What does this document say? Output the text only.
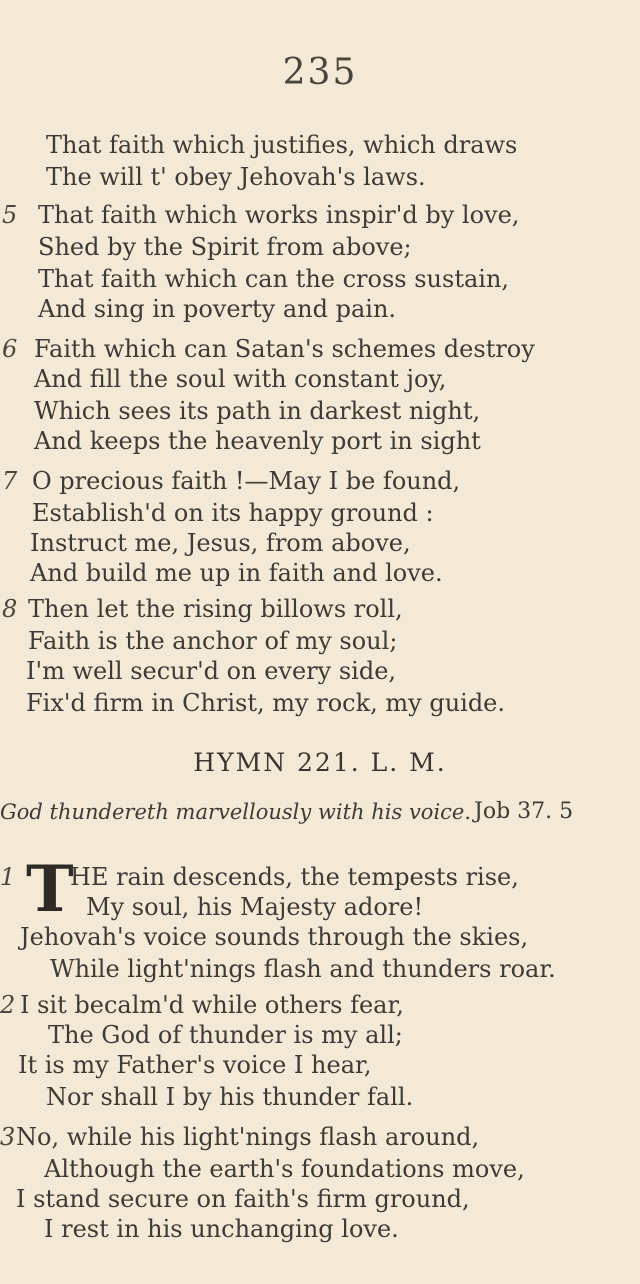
235
That faith which justifies, which draws
The will t' obey Jehovah's laws.
5 That faith which works inspir'd by love,
Shed by the Spirit from above;
That faith which can the cross sustain,
And sing in poverty and pain.
6 Faith which can Satan's schemes destroy
And fill the soul with constant joy,
Which sees its path in darkest night,
And keeps the heavenly port in sight
7 O precious faith !—May I be found,
Establish'd on its happy ground :
Instruct me, Jesus, from above,
And build me up in faith and love.
8 Then let the rising billows roll,
Faith is the anchor of my soul;
I'm well secur'd on every side,
Fix'd firm in Christ, my rock, my guide.
HYMN 221. L. M.
God thundereth marvellously with his voice. Job 37. 5
1 T
HE rain descends, the tempests rise,
My soul, his Majesty adore!
Jehovah's voice sounds through the skies,
While light'nings flash and thunders roar.
2 I sit becalm'd while others fear,
The God of thunder is my all;
It is my Father's voice I hear,
Nor shall I by his thunder fall.
3 No, while his light'nings flash around,
Although the earth's foundations move,
I stand secure on faith's firm ground,
I rest in his unchanging love.
